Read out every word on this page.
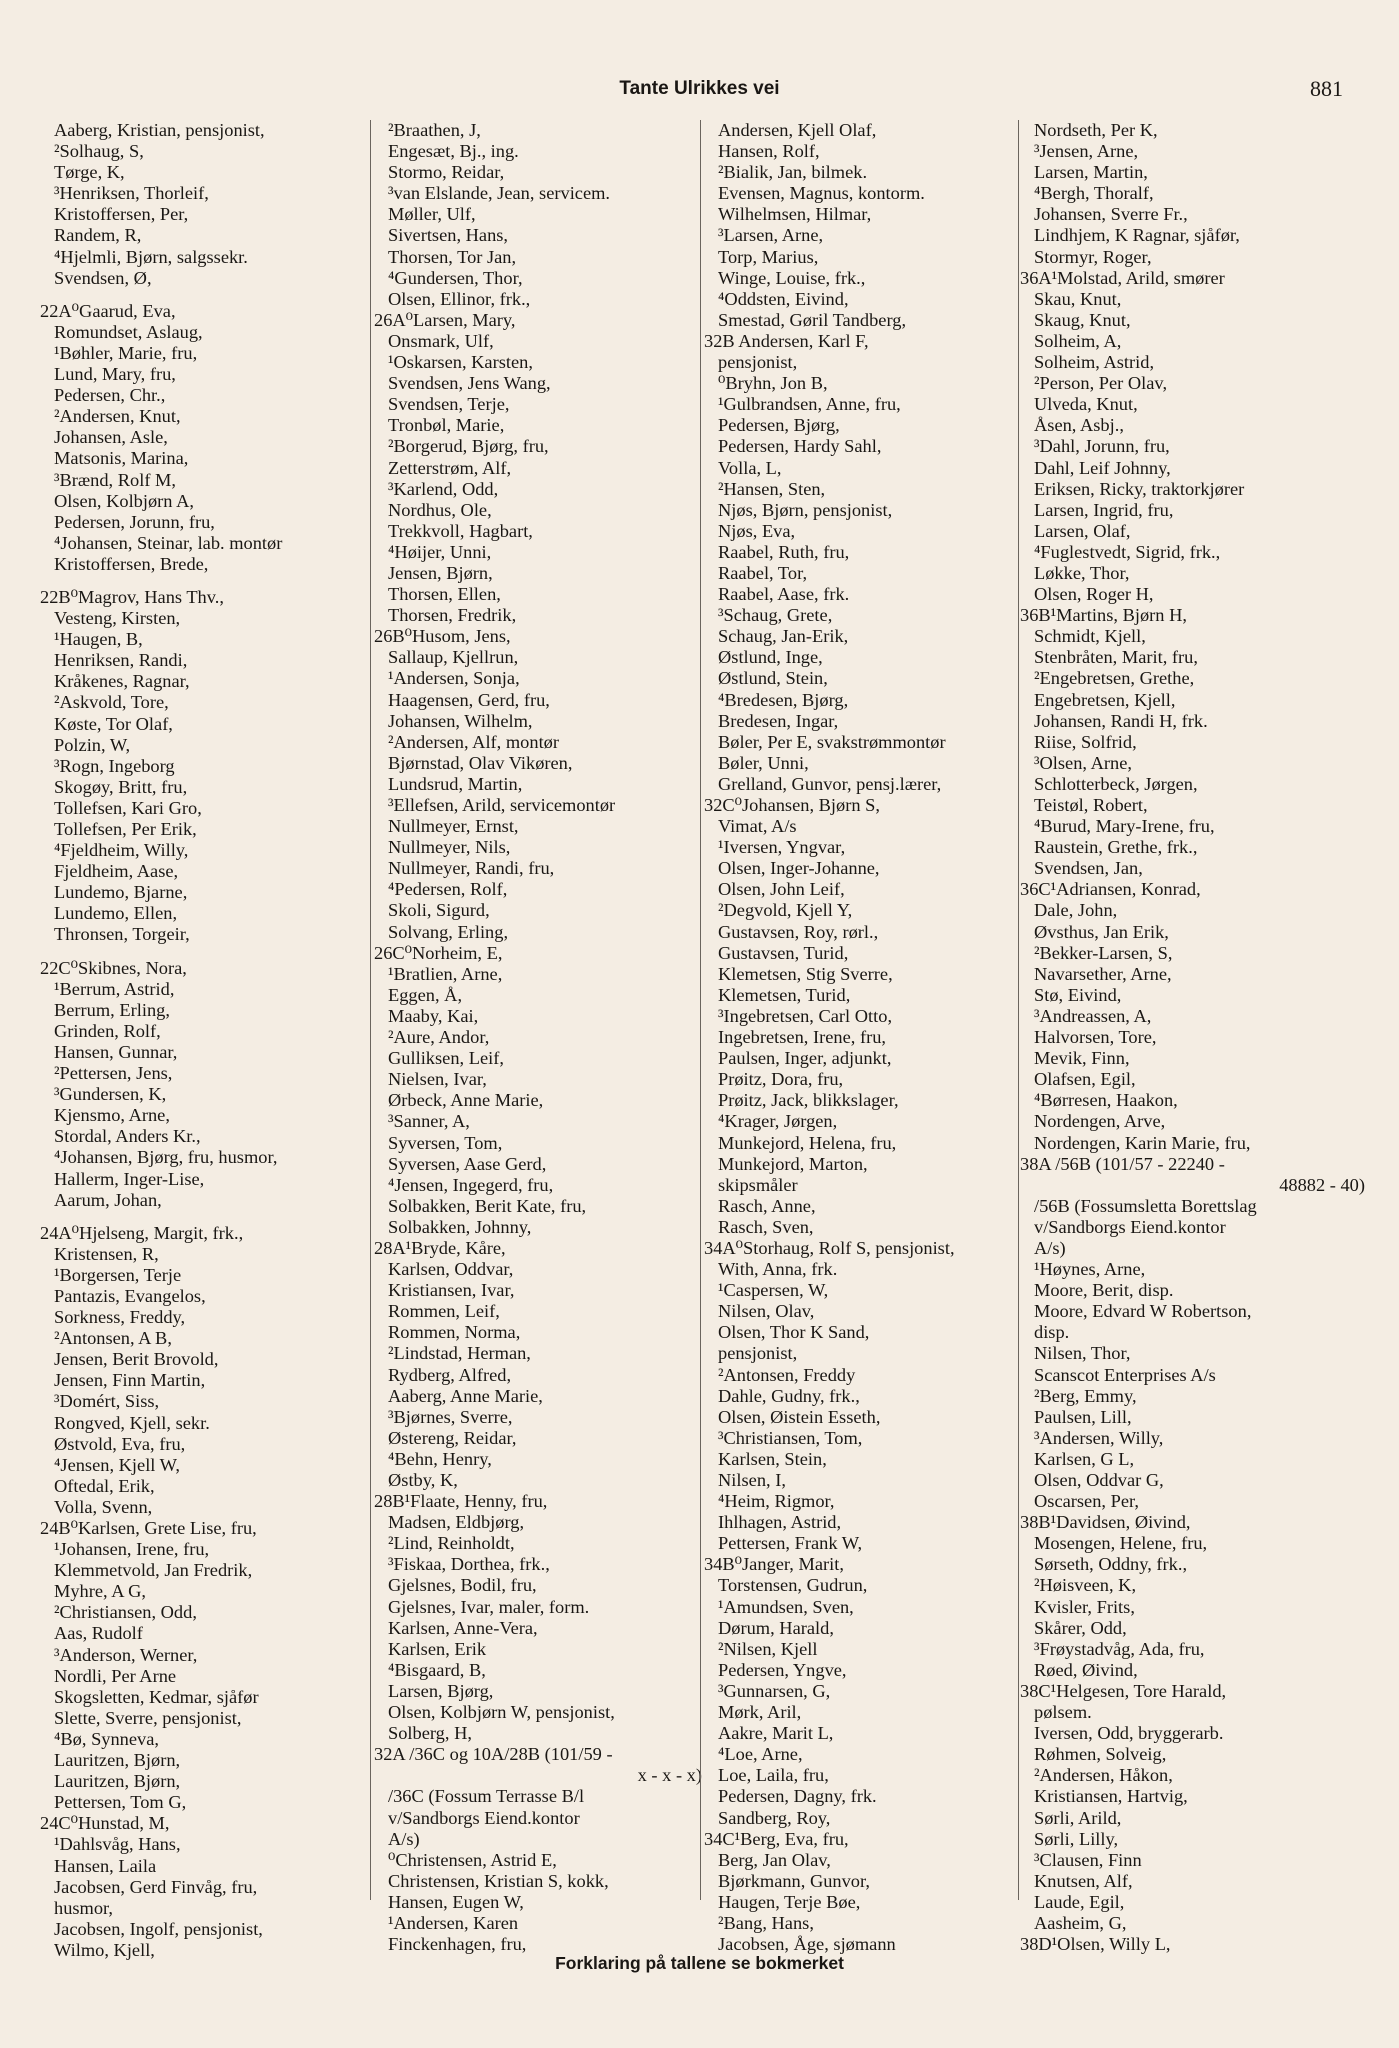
Tante Ulrikkes vei	881
Aaberg, Kristian, pensjonist,
²Solhaug, S,
Tørge, K,
³Henriksen, Thorleif,
Kristoffersen, Per,
Randem, R,
⁴Hjelmli, Bjørn, salgssekr.
Svendsen, Ø,
22A⁰Gaarud, Eva,
Romundset, Aslaug,
¹Bøhler, Marie, fru,
Lund, Mary, fru,
Pedersen, Chr.,
²Andersen, Knut,
Johansen, Asle,
Matsonis, Marina,
³Brænd, Rolf M,
Olsen, Kolbjørn A,
Pedersen, Jorunn, fru,
⁴Johansen, Steinar, lab. montør
Kristoffersen, Brede,
22B⁰Magrov, Hans Thv.,
Vesteng, Kirsten,
¹Haugen, B,
Henriksen, Randi,
Kråkenes, Ragnar,
²Askvold, Tore,
Køste, Tor Olaf,
Polzin, W,
³Rogn, Ingeborg
Skogøy, Britt, fru,
Tollefsen, Kari Gro,
Tollefsen, Per Erik,
⁴Fjeldheim, Willy,
Fjeldheim, Aase,
Lundemo, Bjarne,
Lundemo, Ellen,
Thronsen, Torgeir,
22C⁰Skibnes, Nora,
¹Berrum, Astrid,
Berrum, Erling,
Grinden, Rolf,
Hansen, Gunnar,
²Pettersen, Jens,
³Gundersen, K,
Kjensmo, Arne,
Stordal, Anders Kr.,
⁴Johansen, Bjørg, fru, husmor,
Hallerm, Inger-Lise,
Aarum, Johan,
24A⁰Hjelseng, Margit, frk.,
Kristensen, R,
¹Borgersen, Terje
Pantazis, Evangelos,
Sorkness, Freddy,
²Antonsen, A B,
Jensen, Berit Brovold,
Jensen, Finn Martin,
³Domért, Siss,
Rongved, Kjell, sekr.
Østvold, Eva, fru,
⁴Jensen, Kjell W,
Oftedal, Erik,
Volla, Svenn,
24B⁰Karlsen, Grete Lise, fru,
¹Johansen, Irene, fru,
Klemmetvold, Jan Fredrik,
Myhre, A G,
²Christiansen, Odd,
Aas, Rudolf
³Anderson, Werner,
Nordli, Per Arne
Skogsletten, Kedmar, sjåfør
Slette, Sverre, pensjonist,
⁴Bø, Synneva,
Lauritzen, Bjørn,
Lauritzen, Bjørn,
Pettersen, Tom G,
24C⁰Hunstad, M,
¹Dahlsvåg, Hans,
Hansen, Laila
Jacobsen, Gerd Finvåg, fru,
husmor,
Jacobsen, Ingolf, pensjonist,
Wilmo, Kjell,
²Braathen, J,
Engesæt, Bj., ing.
Stormo, Reidar,
³van Elslande, Jean, servicem.
Møller, Ulf,
Sivertsen, Hans,
Thorsen, Tor Jan,
⁴Gundersen, Thor,
Olsen, Ellinor, frk.,
26A⁰Larsen, Mary,
Onsmark, Ulf,
¹Oskarsen, Karsten,
Svendsen, Jens Wang,
Svendsen, Terje,
Tronbøl, Marie,
²Borgerud, Bjørg, fru,
Zetterstrøm, Alf,
³Karlend, Odd,
Nordhus, Ole,
Trekkvoll, Hagbart,
⁴Høijer, Unni,
Jensen, Bjørn,
Thorsen, Ellen,
Thorsen, Fredrik,
26B⁰Husom, Jens,
Sallaup, Kjellrun,
¹Andersen, Sonja,
Haagensen, Gerd, fru,
Johansen, Wilhelm,
²Andersen, Alf, montør
Bjørnstad, Olav Vikøren,
Lundsrud, Martin,
³Ellefsen, Arild, servicemontør
Nullmeyer, Ernst,
Nullmeyer, Nils,
Nullmeyer, Randi, fru,
⁴Pedersen, Rolf,
Skoli, Sigurd,
Solvang, Erling,
26C⁰Norheim, E,
¹Bratlien, Arne,
Eggen, Å,
Maaby, Kai,
²Aure, Andor,
Gulliksen, Leif,
Nielsen, Ivar,
Ørbeck, Anne Marie,
³Sanner, A,
Syversen, Tom,
Syversen, Aase Gerd,
⁴Jensen, Ingegerd, fru,
Solbakken, Berit Kate, fru,
Solbakken, Johnny,
28A¹Bryde, Kåre,
Karlsen, Oddvar,
Kristiansen, Ivar,
Rommen, Leif,
Rommen, Norma,
²Lindstad, Herman,
Rydberg, Alfred,
Aaberg, Anne Marie,
³Bjørnes, Sverre,
Østereng, Reidar,
⁴Behn, Henry,
Østby, K,
28B¹Flaate, Henny, fru,
Madsen, Eldbjørg,
²Lind, Reinholdt,
³Fiskaa, Dorthea, frk.,
Gjelsnes, Bodil, fru,
Gjelsnes, Ivar, maler, form.
Karlsen, Anne-Vera,
Karlsen, Erik
⁴Bisgaard, B,
Larsen, Bjørg,
Olsen, Kolbjørn W, pensjonist,
Solberg, H,
32A /36C og 10A/28B (101/59 -
x - x - x)
/36C (Fossum Terrasse B/l
v/Sandborgs Eiend.kontor
A/s)
⁰Christensen, Astrid E,
Christensen, Kristian S, kokk,
Hansen, Eugen W,
¹Andersen, Karen
Finckenhagen, fru,
Andersen, Kjell Olaf,
Hansen, Rolf,
²Bialik, Jan, bilmek.
Evensen, Magnus, kontorm.
Wilhelmsen, Hilmar,
³Larsen, Arne,
Torp, Marius,
Winge, Louise, frk.,
⁴Oddsten, Eivind,
Smestad, Gøril Tandberg,
32B Andersen, Karl F,
pensjonist,
⁰Bryhn, Jon B,
¹Gulbrandsen, Anne, fru,
Pedersen, Bjørg,
Pedersen, Hardy Sahl,
Volla, L,
²Hansen, Sten,
Njøs, Bjørn, pensjonist,
Njøs, Eva,
Raabel, Ruth, fru,
Raabel, Tor,
Raabel, Aase, frk.
³Schaug, Grete,
Schaug, Jan-Erik,
Østlund, Inge,
Østlund, Stein,
⁴Bredesen, Bjørg,
Bredesen, Ingar,
Bøler, Per E, svakstrømmontør
Bøler, Unni,
Grelland, Gunvor, pensj.lærer,
32C⁰Johansen, Bjørn S,
Vimat, A/s
¹Iversen, Yngvar,
Olsen, Inger-Johanne,
Olsen, John Leif,
²Degvold, Kjell Y,
Gustavsen, Roy, rørl.,
Gustavsen, Turid,
Klemetsen, Stig Sverre,
Klemetsen, Turid,
³Ingebretsen, Carl Otto,
Ingebretsen, Irene, fru,
Paulsen, Inger, adjunkt,
Prøitz, Dora, fru,
Prøitz, Jack, blikkslager,
⁴Krager, Jørgen,
Munkejord, Helena, fru,
Munkejord, Marton,
skipsmåler
Rasch, Anne,
Rasch, Sven,
34A⁰Storhaug, Rolf S, pensjonist,
With, Anna, frk.
¹Caspersen, W,
Nilsen, Olav,
Olsen, Thor K Sand,
pensjonist,
²Antonsen, Freddy
Dahle, Gudny, frk.,
Olsen, Øistein Esseth,
³Christiansen, Tom,
Karlsen, Stein,
Nilsen, I,
⁴Heim, Rigmor,
Ihlhagen, Astrid,
Pettersen, Frank W,
34B⁰Janger, Marit,
Torstensen, Gudrun,
¹Amundsen, Sven,
Dørum, Harald,
²Nilsen, Kjell
Pedersen, Yngve,
³Gunnarsen, G,
Mørk, Aril,
Aakre, Marit L,
⁴Loe, Arne,
Loe, Laila, fru,
Pedersen, Dagny, frk.
Sandberg, Roy,
34C¹Berg, Eva, fru,
Berg, Jan Olav,
Bjørkmann, Gunvor,
Haugen, Terje Bøe,
²Bang, Hans,
Jacobsen, Åge, sjømann
Nordseth, Per K,
³Jensen, Arne,
Larsen, Martin,
⁴Bergh, Thoralf,
Johansen, Sverre Fr.,
Lindhjem, K Ragnar, sjåfør,
Stormyr, Roger,
36A¹Molstad, Arild, smører
Skau, Knut,
Skaug, Knut,
Solheim, A,
Solheim, Astrid,
²Person, Per Olav,
Ulveda, Knut,
Åsen, Asbj.,
³Dahl, Jorunn, fru,
Dahl, Leif Johnny,
Eriksen, Ricky, traktorkjører
Larsen, Ingrid, fru,
Larsen, Olaf,
⁴Fuglestvedt, Sigrid, frk.,
Løkke, Thor,
Olsen, Roger H,
36B¹Martins, Bjørn H,
Schmidt, Kjell,
Stenbråten, Marit, fru,
²Engebretsen, Grethe,
Engebretsen, Kjell,
Johansen, Randi H, frk.
Riise, Solfrid,
³Olsen, Arne,
Schlotterbeck, Jørgen,
Teistøl, Robert,
⁴Burud, Mary-Irene, fru,
Raustein, Grethe, frk.,
Svendsen, Jan,
36C¹Adriansen, Konrad,
Dale, John,
Øvsthus, Jan Erik,
²Bekker-Larsen, S,
Navarsether, Arne,
Stø, Eivind,
³Andreassen, A,
Halvorsen, Tore,
Mevik, Finn,
Olafsen, Egil,
⁴Børresen, Haakon,
Nordengen, Arve,
Nordengen, Karin Marie, fru,
38A /56B (101/57 - 22240 -
48882 - 40)
/56B (Fossumsletta Borettslag
v/Sandborgs Eiend.kontor
A/s)
¹Høynes, Arne,
Moore, Berit, disp.
Moore, Edvard W Robertson,
disp.
Nilsen, Thor,
Scanscot Enterprises A/s
²Berg, Emmy,
Paulsen, Lill,
³Andersen, Willy,
Karlsen, G L,
Olsen, Oddvar G,
Oscarsen, Per,
38B¹Davidsen, Øivind,
Mosengen, Helene, fru,
Sørseth, Oddny, frk.,
²Høisveen, K,
Kvisler, Frits,
Skårer, Odd,
³Frøystadvåg, Ada, fru,
Røed, Øivind,
38C¹Helgesen, Tore Harald,
pølsem.
Iversen, Odd, bryggerarb.
Røhmen, Solveig,
²Andersen, Håkon,
Kristiansen, Hartvig,
Sørli, Arild,
Sørli, Lilly,
³Clausen, Finn
Knutsen, Alf,
Laude, Egil,
Aasheim, G,
38D¹Olsen, Willy L,
Forklaring på tallene se bokmerket
